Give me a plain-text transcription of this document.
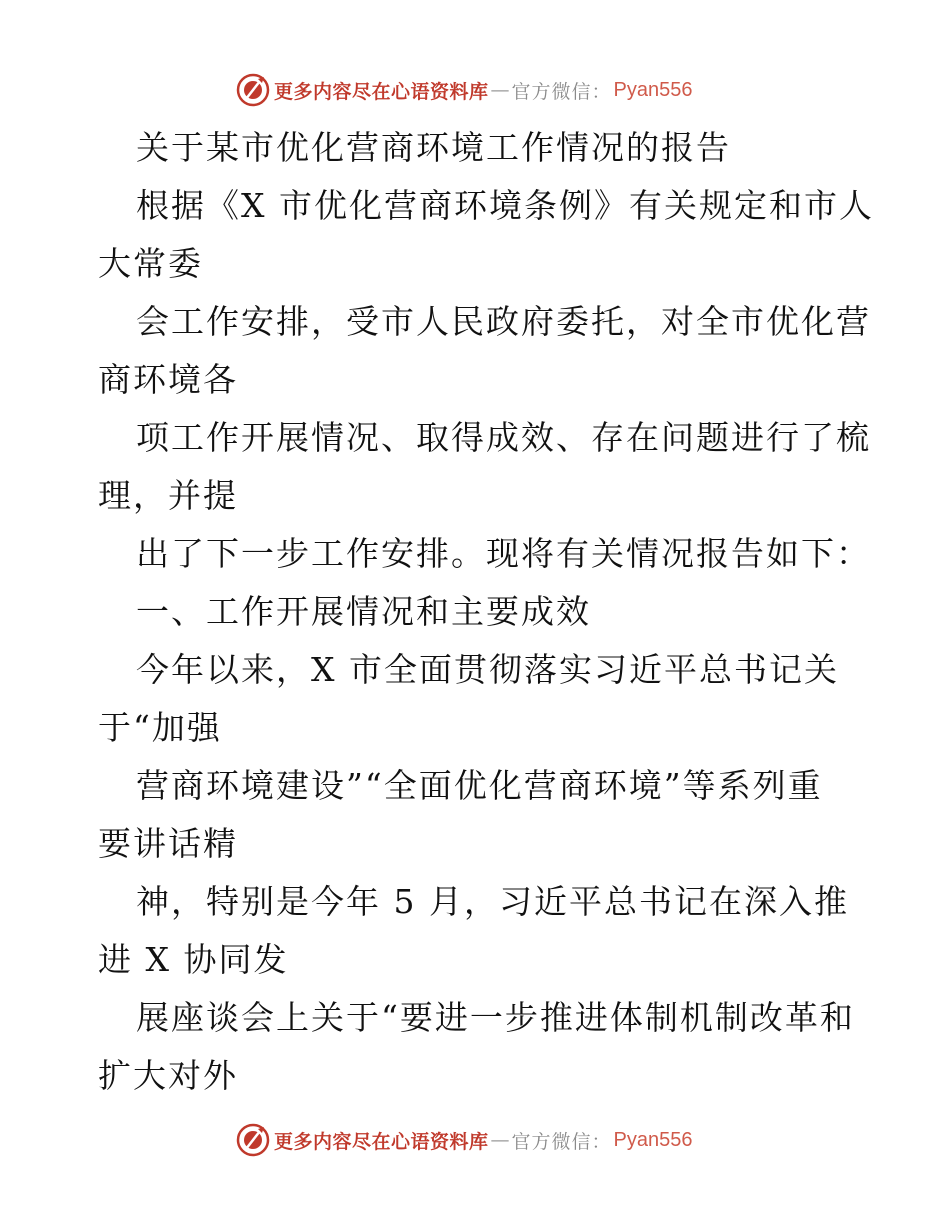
更多内容尽在心语资料库 — 官方微信： Pyan556
关于某市优化营商环境工作情况的报告
根据《X 市优化营商环境条例》有关规定和市人
大常委
会工作安排，受市人民政府委托，对全市优化营
商环境各
项工作开展情况、取得成效、存在问题进行了梳
理，并提
出了下一步工作安排。现将有关情况报告如下：
一、工作开展情况和主要成效
今年以来，X 市全面贯彻落实习近平总书记关
于“加强
营商环境建设”“全面优化营商环境”等系列重
要讲话精
神，特别是今年 5 月，习近平总书记在深入推
进 X 协同发
展座谈会上关于“要进一步推进体制机制改革和
扩大对外
更多内容尽在心语资料库 — 官方微信： Pyan556
